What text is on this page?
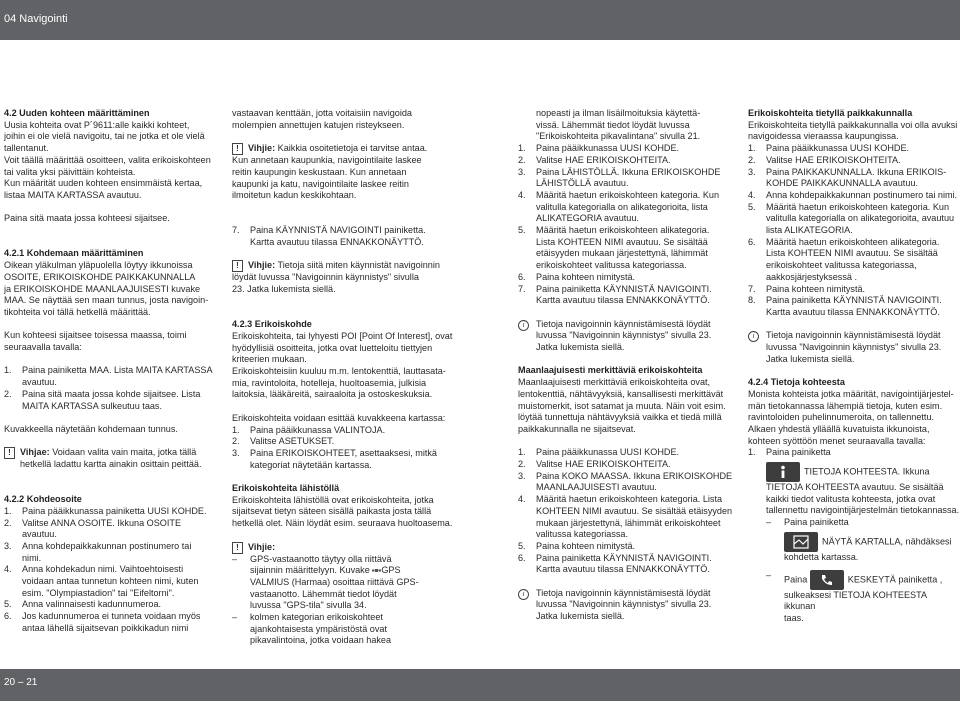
04 Navigointi

4.2 Uuden kohteen määrittäminen

Uusia kohteita ovat P´9611:alle kaikki kohteet,

joihin ei ole vielä navigoitu, tai ne jotka et ole vielä

tallentanut.

Voit täällä määrittää osoitteen, valita erikoiskohteen

tai valita yksi päivittäin kohteista.

Kun määrität uuden kohteen ensimmäistä kertaa,

listaa MAITA KARTASSA avautuu.

Paina sitä maata jossa kohteesi sijaitsee.

4.2.1 Kohdemaan määrittäminen

Oikean yläkulman yläpuolella löytyy ikkunoissa

OSOITE, ERIKOISKOHDE PAIKKAKUNNALLA

ja ERIKOISKOHDE MAANLAAJUISESTI kuvake

MAA. Se näyttää sen maan tunnus, josta navigoin-

tikohteita voi tällä hetkellä määrittää.

Kun kohteesi sijaitsee toisessa maassa, toimi

seuraavalla tavalla:

1.	Paina painiketta MAA. Lista MAITA KARTASSA

avautuu.

2.	Paina sitä maata jossa kohde sijaitsee. Lista

MAITA KARTASSA sulkeutuu taas.

Kuvakkeella näytetään kohdemaan tunnus.

!	Vihjae: Voidaan valita vain maita, jotka tällä

hetkellä ladattu kartta ainakin osittain peittää.

4.2.2 Kohdeosoite

1.	Paina pääikkunassa painiketta UUSI KOHDE.

2.	Valitse ANNA OSOITE. Ikkuna OSOITE

avautuu.

3.	Anna kohdepaikkakunnan postinumero tai

nimi.

4.	Anna kohdekadun nimi. Vaihtoehtoisesti

voidaan antaa tunnetun kohteen nimi, kuten

esim. "Olympiastadion" tai "Eifeltorni".

5.	Anna valinnaisesti kadunnumeroa.

6.	Jos kadunnumeroa ei tunneta voidaan myös

antaa lähellä sijaitsevan poikkikadun nimi

vastaavan kenttään, jotta voitaisiin navigoida

molempien annettujen katujen risteykseen.

!	Vihjie: Kaikkia osoitetietoja ei tarvitse antaa.

Kun annetaan kaupunkia, navigointilaite laskee

reitin kaupungin keskustaan. Kun annetaan

kaupunki ja katu, navigointilaite laskee reitin

ilmoitetun kadun keskikohtaan.

7.	Paina KÄYNNISTÄ NAVIGOINTI painiketta.

Kartta avautuu tilassa ENNAKKONÄYTTÖ.

!	Vihjie: Tietoja siitä miten käynnistät navigoinnin

löydät luvussa "Navigoinnin käynnistys" sivulla

23. Jatka lukemista siellä.

4.2.3 Erikoiskohde

Erikoiskohteita, tai lyhyesti POI [Point Of Interest], ovat

hyödyllisiä osoitteita, jotka ovat luetteloitu tiettyjen

kriteerien mukaan.

Erikoiskohteisiin kuuluu m.m. lentokenttiä, lauttasata-

mia, ravintoloita, hotelleja, huoltoasemia, julkisia

laitoksia, lääkäreitä, sairaaloita ja ostoskeskuksia.

Erikoiskohteita voidaan esittää kuvakkeena kartassa:

1.	Paina pääikkunassa VALINTOJA.

2.	Valitse ASETUKSET.

3.	Paina ERIKOISKOHTEET, asettaaksesi, mitkä

kategoriat näytetään kartassa.

Erikoiskohteita lähistöllä

Erikoiskohteita lähistöllä ovat erikoiskohteita, jotka

sijaitsevat tietyn säteen sisällä paikasta josta tällä

hetkellä olet. Näin löydät esim. seuraava huoltoasema.

!	Vihjie:

–	GPS-vastaanotto täytyy olla riittävä

sijainnin määrittelyyn. Kuvake GPS

VALMIUS (Harmaa) osoittaa riittävä GPS-

vastaanotto. Lähemmät tiedot löydät

luvussa "GPS-tila" sivulla 34.

–	kolmen kategorian erikoiskohteet

ajankohtaisesta ympäristöstä ovat

pikavalintoina, jotka voidaan hakea

nopeasti ja ilman lisäilmoituksia käytettä-

vissä. Lähemmät tiedot löydät luvussa

"Erikoiskohteita pikavalintana" sivulla 21.

1.	Paina pääikkunassa UUSI KOHDE.

2.	Valitse HAE ERIKOISKOHTEITA.

3.	Paina LÄHISTÖLLÄ. Ikkuna ERIKOISKOHDE

LÄHISTÖLLÄ avautuu.

4.	Määritä haetun erikoiskohteen kategoria. Kun

valitulla kategorialla on alikategorioita, lista

ALIKATEGORIA avautuu.

5.	Määritä haetun erikoiskohteen alikategoria.

Lista KOHTEEN NIMI avautuu. Se sisältää

etäisyyden mukaan järjestettynä, lähimmät

erikoiskohteet valitussa kategoriassa.

6.	Paina kohteen nimitystä.

7.	Paina painiketta KÄYNNISTÄ NAVIGOINTI.

Kartta avautuu tilassa ENNAKKONÄYTTÖ.

i	Tietoja navigoinnin käynnistämisestä löydät

luvussa "Navigoinnin käynnistys" sivulla 23.

Jatka lukemista siellä.

Maanlaajuisesti merkittäviä erikoiskohteita

Maanlaajuisesti merkittäviä erikoiskohteita ovat,

lentokenttiä, nähtävyyksiä, kansallisesti merkittävät

muistomerkit, isot satamat ja muuta. Näin voit esim.

löytää tunnettuja nähtävyyksiä vaikka et tiedä millä

paikkakunnalla ne sijaitsevat.

1.	Paina pääikkunassa UUSI KOHDE.

2.	Valitse HAE ERIKOISKOHTEITA.

3.	Paina KOKO MAASSA. Ikkuna ERIKOISKOHDE

MAANLAAJUISESTI avautuu.

4.	Määritä haetun erikoiskohteen kategoria. Lista

KOHTEEN NIMI avautuu. Se sisältää etäisyyden

mukaan järjestettynä, lähimmät erikoiskohteet

valitussa kategoriassa.

5.	Paina kohteen nimitystä.

6.	Paina painiketta KÄYNNISTÄ NAVIGOINTI.

Kartta avautuu tilassa ENNAKKONÄYTTÖ.

i	Tietoja navigoinnin käynnistämisestä löydät

luvussa "Navigoinnin käynnistys" sivulla 23.

Jatka lukemista siellä.

Erikoiskohteita tietyllä paikkakunnalla

Erikoiskohteita tietyllä paikkakunnalla voi olla avuksi

navigoidessa vieraassa kaupungissa.

1.	Paina pääikkunassa UUSI KOHDE.

2.	Valitse HAE ERIKOISKOHTEITA.

3.	Paina PAIKKAKUNNALLA. Ikkuna ERIKOIS-

KOHDE PAIKKAKUNNALLA avautuu.

4.	Anna kohdepaikkakunnan postinumero tai nimi.

5.	Määritä haetun erikoiskohteen kategoria. Kun

valitulla kategorialla on alikategorioita, avautuu

lista ALIKATEGORIA.

6.	Määritä haetun erikoiskohteen alikategoria.

Lista KOHTEEN NIMI avautuu. Se sisältää

erikoiskohteet valitussa kategoriassa,

aakkosjärjestyksessä .

7.	Paina kohteen nimitystä.

8.	Paina painiketta KÄYNNISTÄ NAVIGOINTI.

Kartta avautuu tilassa ENNAKKONÄYTTÖ.

i	Tietoja navigoinnin käynnistämisestä löydät

luvussa "Navigoinnin käynnistys" sivulla 23.

Jatka lukemista siellä.

4.2.4 Tietoja kohteesta

Monista kohteista jotka määrität, navigointijärjestel-

män tietokannassa lähempiä tietoja, kuten esim.

ravintoloiden puhelinnumeroita, on tallennettu.

Alkaen yhdestä ylläällä kuvatuista ikkunoista,

kohteen syöttöön menet seuraavalla tavalla:

1.	Paina painiketta

TIETOJA KOHTEESTA. Ikkuna

TIETOJA KOHTEESTA avautuu. Se sisältää

kaikki tiedot valitusta kohteesta, jotka ovat

tallennettu navigointijärjestelmän tietokannassa.

–	Paina painiketta

NÄYTÄ KARTALLA, nähdäksesi

kohdetta kartassa.

–	Paina	KESKEYTÄ painiketta ,

sulkeaksesi TIETOJA KOHTEESTA ikkunan

taas.

20 – 21
